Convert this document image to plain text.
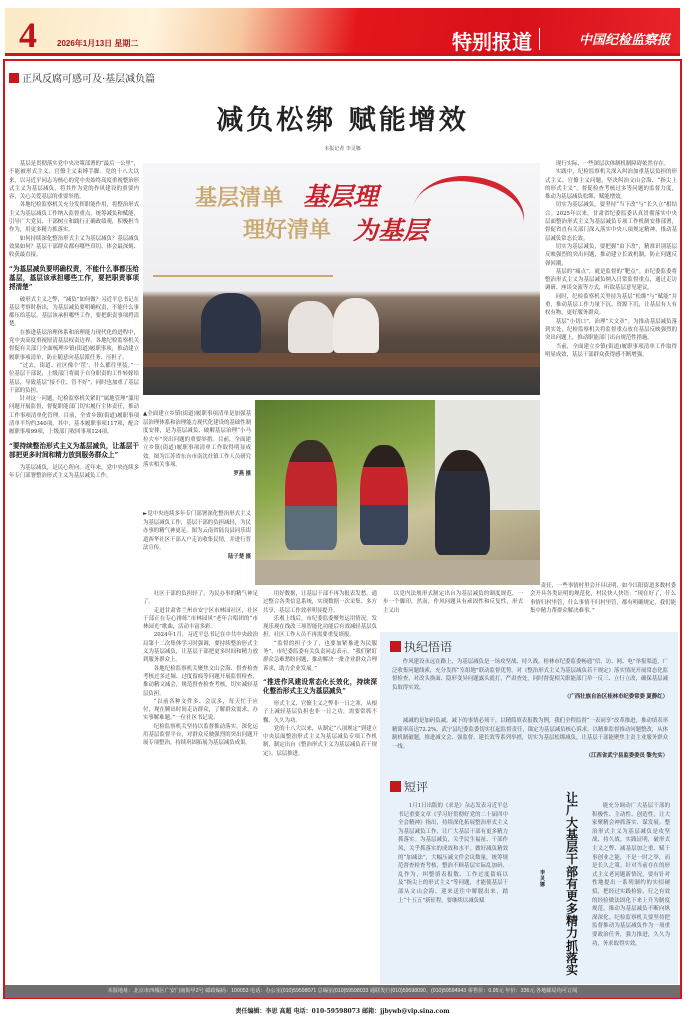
4	2026年1月13日 星期二	特别报道	中国纪检监察报
正风反腐可感可及·基层减负篇
减负松绑 赋能增效
本报记者 李灵娜
基层清单 基层理
理好清单 为基层
▲全面建立乡镇(街道)履职事项清单是加强基层治理体系和治理能力现代化建设的基础性制度安排，是为基层减负、破解基层治理“小马拉大车”突出问题的重要举措。目前，全面建立乡镇(街道)履职事项清单工作取得明显成效。图为江苏省东台市南沈灶镇工作人员研究落实相关事项。
罗燕 摄
►党中央连续多年专门部署深化整治形式主义为基层减负工作，基层干部的负担减轻，为民办事的精气神更足。图为云南省陆良县同乐街道西华社区干部入户走访收集民情，并进行普法宣传。
陆子楚 摄

基层是贯彻落实党中央决策部署的“最后一公里”，不能被形式主义、官僚主义束缚手脚。党的十八大以来，以习近平同志为核心的党中央始终高度重视整治形式主义为基层减负，将其作为党的作风建设的重要内容，关心关爱基层的重要举措。

各地纪检监察机关充分发挥职能作用，将整治形式主义为基层减负工作纳入监督重点，统筹减负和赋能，引导广大党员、干部树立和践行正确政绩观，积极担当作为，用更多精力抓落实。

如何持续深化整治形式主义为基层减负？基层减负效果如何？基层干部群众都有哪些真切、体会最深刻、收获最直接。

“为基层减负要明确权责，不能什么事都压给基层，基层该承担哪些工作，要把职责事项捋清楚”

破形式主义之弊，“减负”如何做？习近平总书记在基层考察时指出，为基层减负要明确权责，不能什么事都压给基层，基层该承担哪些工作，要把职责事项捋清楚。

在推进基层治理体系和治理能力现代化的进程中，党中央高度重视厘清基层权责边界。各地纪检监察机关督促有关部门全面梳理乡镇(街道)履职事项，推动建立履职事项清单，防止随意向基层派任务、压担子。

“过去，街道、社区像个‘筐’，什么都往里装。”一位基层干部说，上级部门将属于自身职责的工作转嫁给基层，导致基层“接不住、管不好”，同时也加重了基层干部的负担。

针对这一问题，纪检监察机关紧盯“属地管理”滥用问题开展监督，督促职能部门切实履行主体责任，推动工作事项清单化管理。目前，全省乡镇(街道)履职事项清单平均约340项，其中，基本履职事项117项，配合履职事项99项，上级部门收回事项124项。

“要持续整治形式主义为基层减负，让基层干部把更多时间和精力放到服务群众上”

为基层减负，是民心所向。近年来，党中央连续多年专门部署整治形式主义为基层减负工作。

现行实际、一些深层次体制机制障碍依然存在。

实践中，纪检监察机关深入纠治加重基层负担的形式主义、官僚主义问题，坚决纠治文山会海、“指尖上的形式主义”，督促检查考核过多等问题的监督力度，推动为基层减负松绑、赋能增效。

切实为基层减负，要坚持“当下改”与“长久立”相结合。2025年以来，甘肃省纪委监委认真贯彻落实中央层面整治形式主义为基层减负专项工作机制安排部署，督促省直有关部门深入落实中央八项规定精神，推动基层减负常态长效。

切实为基层减负，要把握“由下改”，精准识别基层反映强烈的突出问题，推动建立长效机制，防止问题反弹回潮。

基层的“痛点”，就是监督的“靶点”。市纪委监委将整治形式主义为基层减负纳入日常监督重点，通过走访调研、座谈交流等方式，听取基层意见建议。

同时，纪检监察机关坚持为基层“松绑”与“赋能”并重，推动基层工作力量下沉、资源下沉，让基层有人有权有物，更好服务群众。

基层“小切口”，治理“大文章”。为推动基层减负落到实处，纪检监察机关将监督重点放在基层反映强烈的突出问题上，推动职能部门出台规范性措施。

当前，全面建立乡镇(街道)履职事项清单工作取得明显成效，基层干部群众获得感不断增强。

社区干部的负担轻了，为民办事的精气神足了。

走进甘肃省兰州市安宁区市林园社区，社区干部正在专心排练“市林园风”老年合唱团的“市林园光”歌曲，活动丰富多彩。

2024年1月，习近平总书记在中共中央政治局第十二次集体学习时强调，要持续整治形式主义为基层减负，让基层干部把更多时间和精力放到服务群众上。

各地纪检监察机关聚焦文山会海、督查检查考核过多过频、过度留痕等问题开展监督检查，推动精文减会，规范督查检查考核，切实减轻基层负担。

“以前各种文件多、会议多，每天忙于应付，现在腾出时间走访群众，了解群众需求，办实事解难题。”一位社区书记说。

纪检监察机关坚持以监督推动落实，深化运用基层监督平台，对群众反映强烈的突出问题开展专项整治，持续巩固拓展为基层减负成果。

用好数据，让基层干部不再为报表发愁。通过整合各类信息系统，实现数据一次采集、多方共享，基层工作效率明显提升。

乐观上线后，市纪委监委聚焦运用情况，发现乐观在线改三项智能化功能后有效减轻基层负担，社区工作人员不再需要重复填报。

“监督的担子少了，也要加紧推进为民服务”，市纪委监委有关负责同志表示，“我们紧盯群众急难愁盼问题，推动解决一批企业群众合理诉求，助力企业发展。”

“推进作风建设常态化长效化，持续深化整治形式主义为基层减负”

形式主义、官僚主义之弊非一日之寒，从根子上减轻基层负担也非一日之功，需要常抓不懈、久久为功。

党的十八大以来，从制定“八项规定”到建立中央层面整治形式主义为基层减负专项工作机制，制定出台《整治形式主义为基层减负若干规定》，层层推进。

以党内法规形式制定出台为基层减负的制度规范，一步一个脚印，然而，作风问题具有顽固性和反复性，形式主义出

责任，一些事情村里会开具证明，如今江阳街道多数村委会开具各类证明的规范化，村民快人快语：“现在好了，什么事情归村里管，什么事情不归村里管，都有明确规定，我们能集中精力帮群众解决难事。”

执纪悟语
作风建设永远在路上，为基层减负是一场攻坚战、持久战。桂林市纪委监委畅通“信、访、网、电”举报渠道，广泛收集问题线索，充分发挥“室组地”联动监督优势，对《整治形式主义为基层减负若干规定》落实情况开展常态化监督检查，对改头换面、隐形变异问题露头就打，严肃查处，同时督促相关职能部门举一反三、立行立改，确保基层减负取得实效。
（广西壮族自治区桂林市纪委常委 夏静红）
减减的是加码负减，减下的事情必须干。以精简填表报数为例，我们全程监督“一表同享”改革推进，推动填表率精简率高达72.2%。武宁县纪委监委切实扛起监督责任，锚定为基层减负核心诉求，以精准监督推动问题整改，从体制机制破题，推进减文会、强监督、建长效等系列举措，切实为基层松绑减负，让基层干部能聚焦主责主业服务群众一线。
（江西省武宁县监委委员 黎先实）
短评
1月1日出版的《求是》杂志发表习近平总书记重要文章《学习好贯彻好党的二十届四中全会精神》指出，持续深化拓展整治形式主义为基层减负工作，让广大基层干部有更多精力抓落实。为基层减负，关乎民生福祉、干部作风，关乎抓落实的成效和水平。做好减负精效的“加减法”，大幅压减文件会议数量，统筹规范督查检查考核，整治不顾基层实际乱加码、乱作为，纠整填表报数、工作过度留痕以及“指尖上的形式主义”等问题，才能使基层干部从文山会海、迎来送往中解脱出来，踏上“十五五”新征程，要继续以减负赋
能充分调动广大基层干部的积极性、主动性、创造性，让大家聚精会神抓落实、谋发展。整治形式主义为基层减负是攻坚战、持久战。实践证明，破形式主义之弊、减基层加之重、赋干事创业之能，不是一时之举，而是长久之策。针对当前存在的形式主义老问题新情况，要有针对性地提出一系列制约的实招硬招，把经过实践检验、行之有效的经验做法固化下来上升为制度规范。推动为基层减负不断向纵深深化。纪检监察机关要坚持把监督推动为基层减负作为一项重要政治任务，强力推进，久久为功，务求取得实效。
让广大基层干部有更多精力抓落实
李灵娜
本报地址：北京市西城区广安门南街甲2号 邮政编码：100053 电话：办公室(010)59598071 总编室(010)59598033 通联发行(010)59598090、(010)59594943 零售价：0.95元 年价：336元 各地邮局均可订阅
责任编辑：李思 高超 电话：010-59598073 邮箱：jjbywb@vip.sina.com
